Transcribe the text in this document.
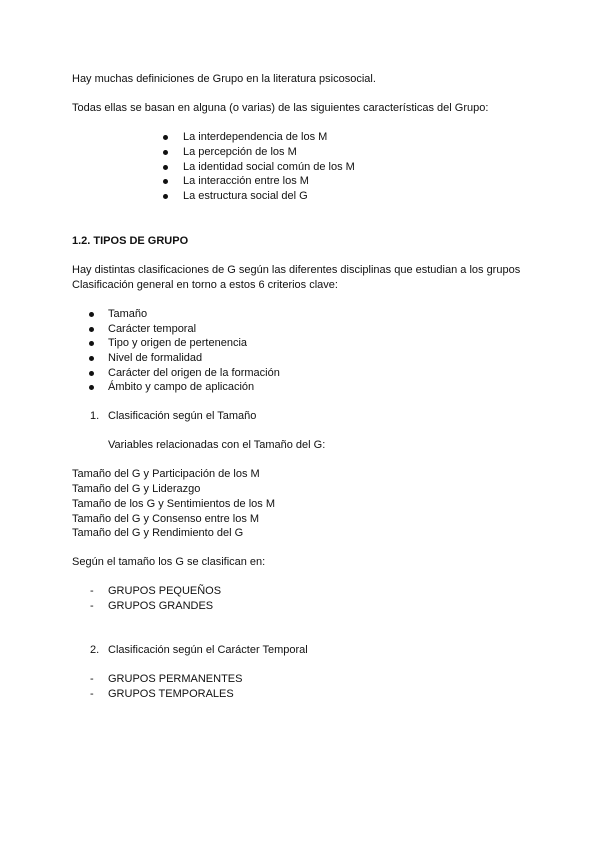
Hay muchas definiciones de Grupo en la literatura psicosocial.
Todas ellas se basan en alguna (o varias) de las siguientes características del Grupo:
La interdependencia de los M
La percepción de los M
La identidad social común de los M
La interacción entre los M
La estructura social del G
1.2. TIPOS DE GRUPO
Hay distintas clasificaciones de G según las diferentes disciplinas que estudian a los grupos
Clasificación general en torno a estos 6 criterios clave:
Tamaño
Carácter temporal
Tipo y origen de pertenencia
Nivel de formalidad
Carácter del origen de la formación
Ámbito y campo de aplicación
1. Clasificación según el Tamaño
Variables relacionadas con el Tamaño del G:
Tamaño del G y Participación de los M
Tamaño del G y Liderazgo
Tamaño de los G y Sentimientos de los M
Tamaño del G y Consenso entre los M
Tamaño del G y Rendimiento del G
Según el tamaño los G se clasifican en:
- GRUPOS PEQUEÑOS
- GRUPOS GRANDES
2. Clasificación según el Carácter Temporal
- GRUPOS PERMANENTES
- GRUPOS TEMPORALES
